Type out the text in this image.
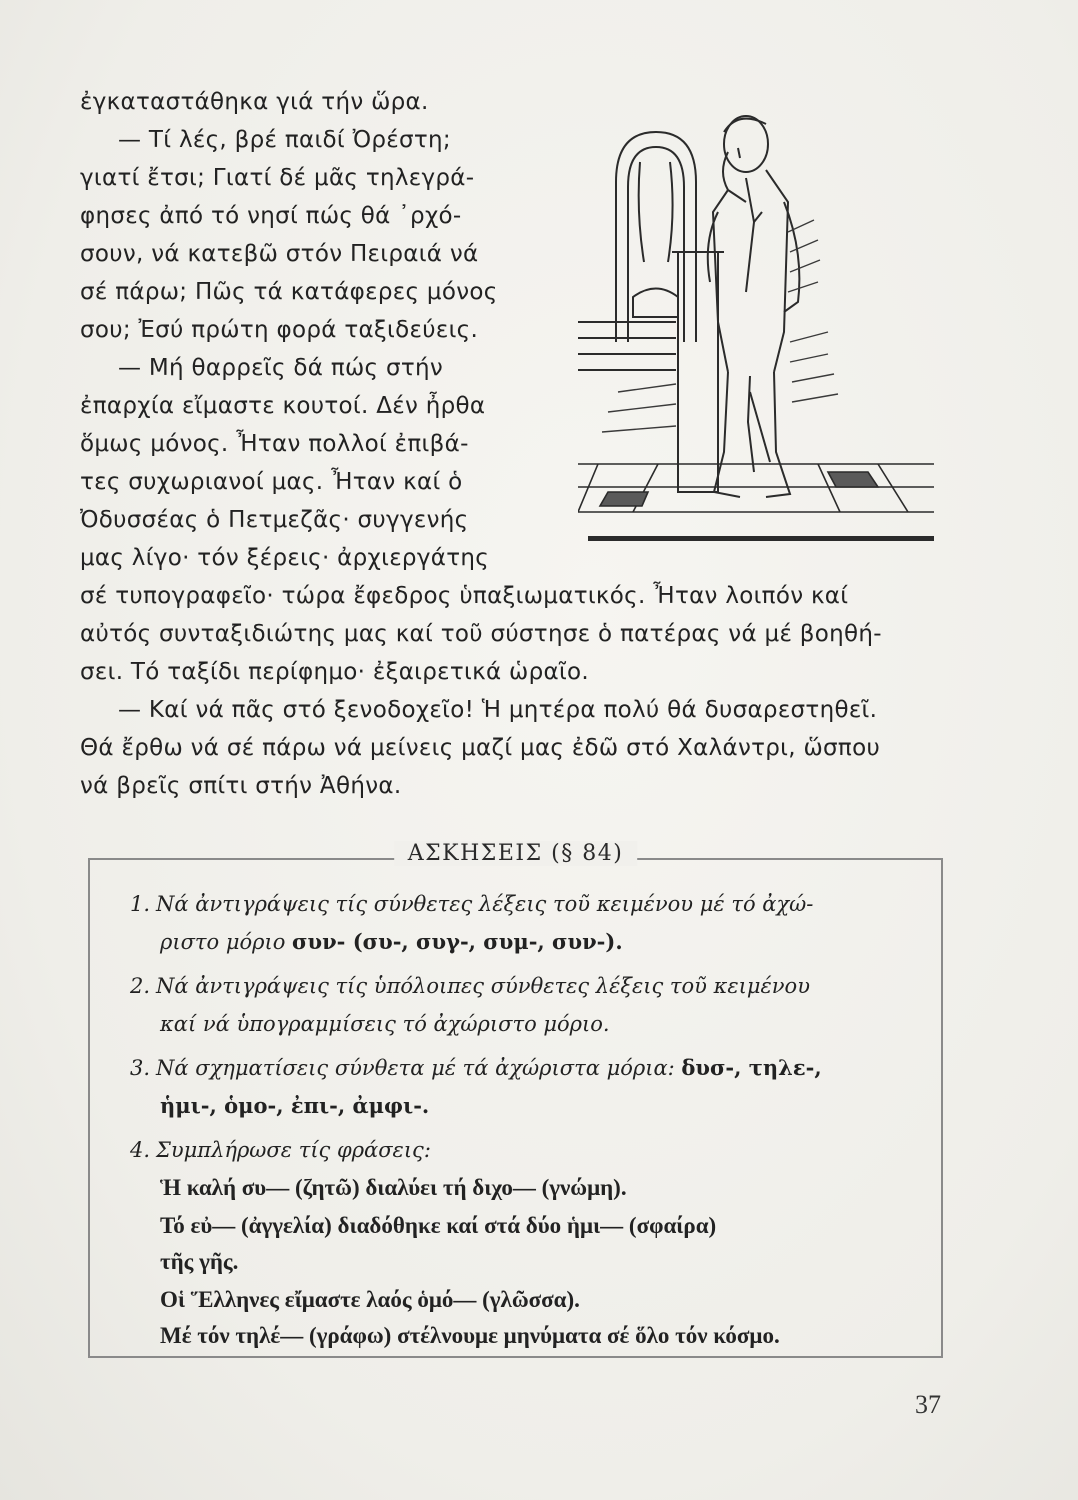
ἐγκαταστάθηκα γιά τήν ὥρα.
— Τί λές, βρέ παιδί Ὀρέστη;
γιατί ἔτσι; Γιατί δέ μᾶς τηλεγρά-
φησες ἀπό τό νησί πώς θά ᾽ρχό-
σουν, νά κατεβῶ στόν Πειραιά νά
σέ πάρω; Πῶς τά κατάφερες μόνος
σου; Ἐσύ πρώτη φορά ταξιδεύεις.
— Μή θαρρεῖς δά πώς στήν
ἐπαρχία εἴμαστε κουτοί. Δέν ἦρθα
ὅμως μόνος. Ἦταν πολλοί ἐπιβά-
τες συχωριανοί μας. Ἦταν καί ὁ
Ὀδυσσέας ὁ Πετμεζᾶς· συγγενής
μας λίγο· τόν ξέρεις· ἀρχιεργάτης
σέ τυπογραφεῖο· τώρα ἔφεδρος ὑπαξιωματικός. Ἦταν λοιπόν καί
αὐτός συνταξιδιώτης μας καί τοῦ σύστησε ὁ πατέρας νά μέ βοηθή-
σει. Τό ταξίδι περίφημο· ἐξαιρετικά ὡραῖο.
— Καί νά πᾶς στό ξενοδοχεῖο! Ἡ μητέρα πολύ θά δυσαρεστηθεῖ.
Θά ἔρθω νά σέ πάρω νά μείνεις μαζί μας ἐδῶ στό Χαλάντρι, ὥσπου
νά βρεῖς σπίτι στήν Ἀθήνα.
ΑΣΚΗΣΕΙΣ (§ 84)
1. Νά ἀντιγράψεις τίς σύνθετες λέξεις τοῦ κειμένου μέ τό ἀχώ-
ριστο μόριο συν- (συ-, συγ-, συμ-, συν-).
2. Νά ἀντιγράψεις τίς ὑπόλοιπες σύνθετες λέξεις τοῦ κειμένου
καί νά ὑπογραμμίσεις τό ἀχώριστο μόριο.
3. Νά σχηματίσεις σύνθετα μέ τά ἀχώριστα μόρια: δυσ-, τηλε-,
ἡμι-, ὁμο-, ἐπι-, ἀμφι-.
4. Συμπλήρωσε τίς φράσεις:
Ἡ καλή συ— (ζητῶ) διαλύει τή διχο— (γνώμη).
Τό εὐ— (ἀγγελία) διαδόθηκε καί στά δύο ἡμι— (σφαίρα)
τῆς γῆς.
Οἱ Ἕλληνες εἴμαστε λαός ὁμό— (γλῶσσα).
Μέ τόν τηλέ— (γράφω) στέλνουμε μηνύματα σέ ὅλο τόν κόσμο.
37
